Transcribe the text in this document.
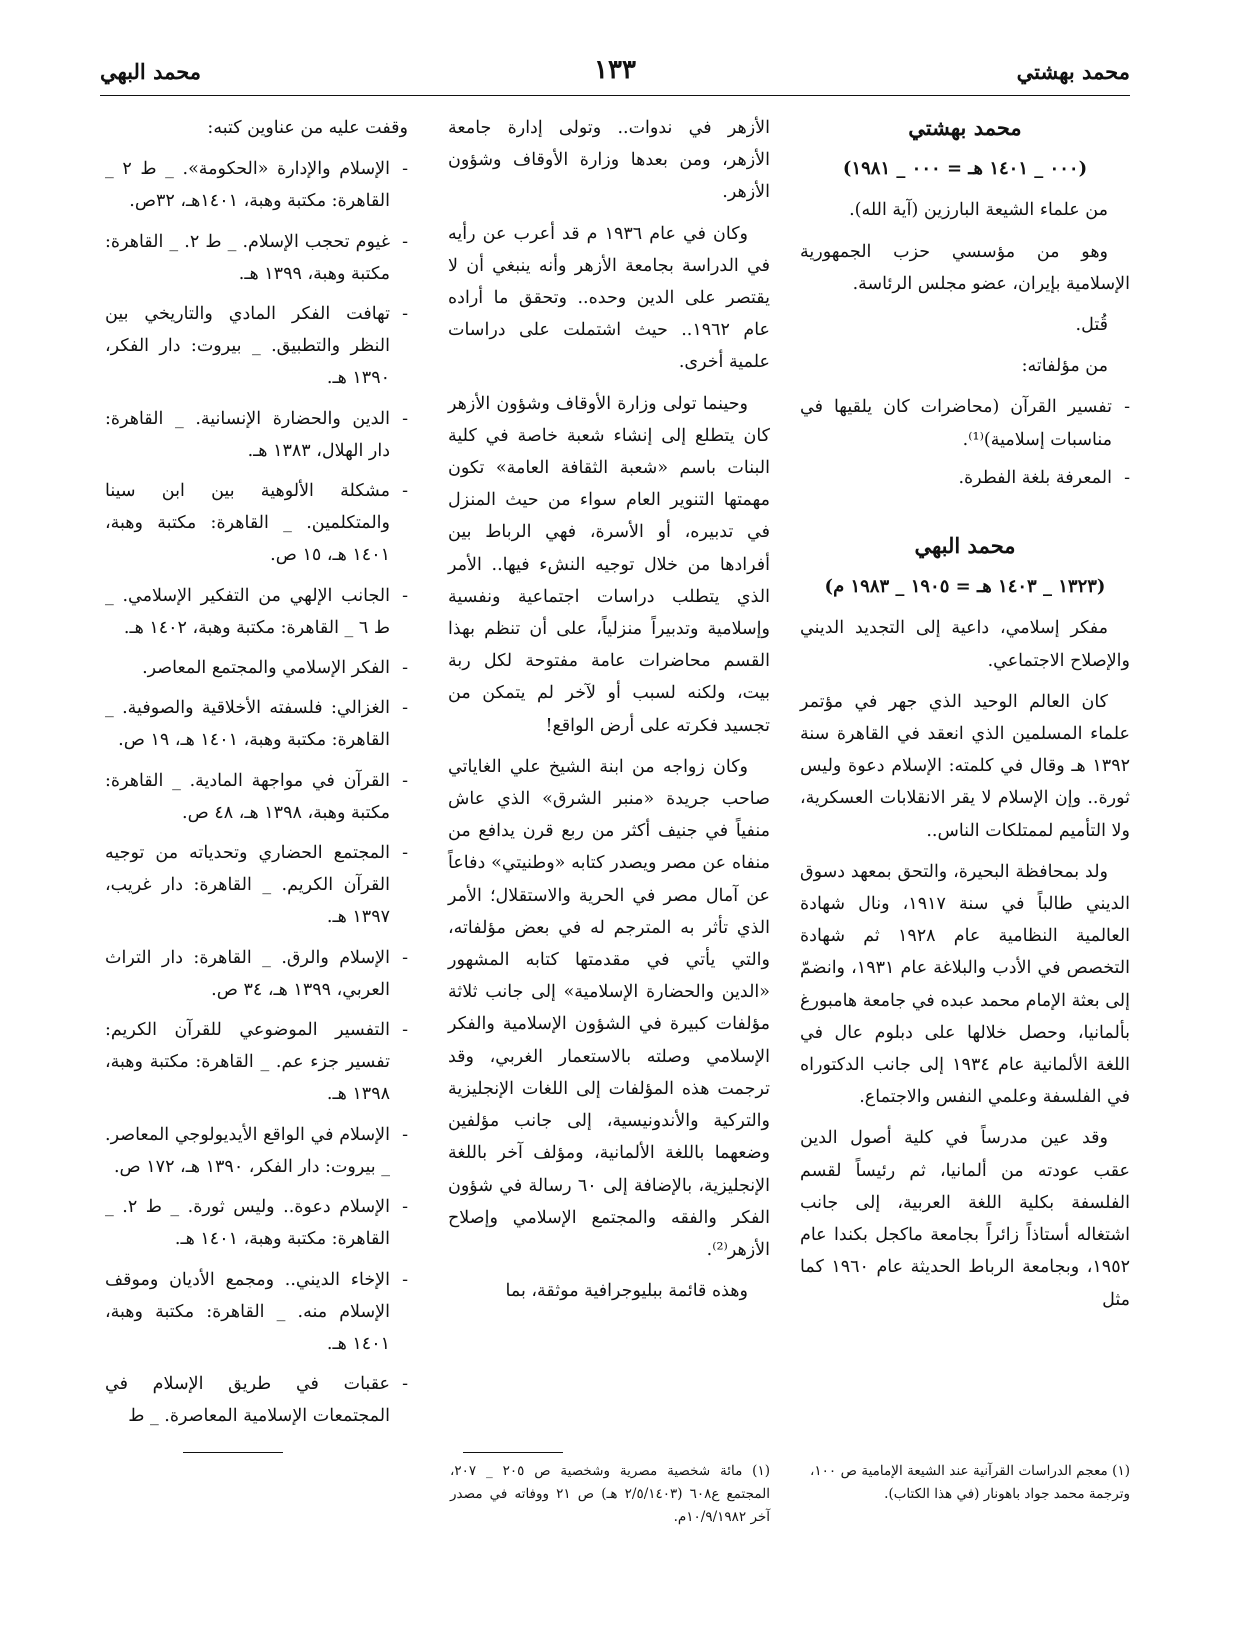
محمد بهشتي
١٣٣
محمد البهي

محمد بهشتي

(٠٠٠ _ ١٤٠١ هـ = ٠٠٠ _ ١٩٨١)

من علماء الشيعة البارزين (آية الله).

وهو من مؤسسي حزب الجمهورية الإسلامية بإيران، عضو مجلس الرئاسة.

قُتل.

من مؤلفاته:

- تفسير القرآن (محاضرات كان يلقيها في مناسبات إسلامية)⁽¹⁾.

- المعرفة بلغة الفطرة.

محمد البهي

(١٣٢٣ _ ١٤٠٣ هـ = ١٩٠٥ _ ١٩٨٣ م)

مفكر إسلامي، داعية إلى التجديد الديني والإصلاح الاجتماعي.

كان العالم الوحيد الذي جهر في مؤتمر علماء المسلمين الذي انعقد في القاهرة سنة ١٣٩٢ هـ وقال في كلمته: الإسلام دعوة وليس ثورة.. وإن الإسلام لا يقر الانقلابات العسكرية، ولا التأميم لممتلكات الناس..

ولد بمحافظة البحيرة، والتحق بمعهد دسوق الديني طالباً في سنة ١٩١٧، ونال شهادة العالمية النظامية عام ١٩٢٨ ثم شهادة التخصص في الأدب والبلاغة عام ١٩٣١، وانضمّ إلى بعثة الإمام محمد عبده في جامعة هامبورغ بألمانيا، وحصل خلالها على دبلوم عال في اللغة الألمانية عام ١٩٣٤ إلى جانب الدكتوراه في الفلسفة وعلمي النفس والاجتماع.

وقد عين مدرساً في كلية أصول الدين عقب عودته من ألمانيا، ثم رئيساً لقسم الفلسفة بكلية اللغة العربية، إلى جانب اشتغاله أستاذاً زائراً بجامعة ماكجل بكندا عام ١٩٥٢، وبجامعة الرباط الحديثة عام ١٩٦٠ كما مثل

الأزهر في ندوات.. وتولى إدارة جامعة الأزهر، ومن بعدها وزارة الأوقاف وشؤون الأزهر.

وكان في عام ١٩٣٦ م قد أعرب عن رأيه في الدراسة بجامعة الأزهر وأنه ينبغي أن لا يقتصر على الدين وحده.. وتحقق ما أراده عام ١٩٦٢.. حيث اشتملت على دراسات علمية أخرى.

وحينما تولى وزارة الأوقاف وشؤون الأزهر كان يتطلع إلى إنشاء شعبة خاصة في كلية البنات باسم «شعبة الثقافة العامة» تكون مهمتها التنوير العام سواء من حيث المنزل في تدبيره، أو الأسرة، فهي الرباط بين أفرادها من خلال توجيه النشء فيها.. الأمر الذي يتطلب دراسات اجتماعية ونفسية وإسلامية وتدبيراً منزلياً، على أن تنظم بهذا القسم محاضرات عامة مفتوحة لكل ربة بيت، ولكنه لسبب أو لآخر لم يتمكن من تجسيد فكرته على أرض الواقع!

وكان زواجه من ابنة الشيخ علي الغاياتي صاحب جريدة «منبر الشرق» الذي عاش منفياً في جنيف أكثر من ربع قرن يدافع من منفاه عن مصر ويصدر كتابه «وطنيتي» دفاعاً عن آمال مصر في الحرية والاستقلال؛ الأمر الذي تأثر به المترجم له في بعض مؤلفاته، والتي يأتي في مقدمتها كتابه المشهور «الدين والحضارة الإسلامية» إلى جانب ثلاثة مؤلفات كبيرة في الشؤون الإسلامية والفكر الإسلامي وصلته بالاستعمار الغربي، وقد ترجمت هذه المؤلفات إلى اللغات الإنجليزية والتركية والأندونيسية، إلى جانب مؤلفين وضعهما باللغة الألمانية، ومؤلف آخر باللغة الإنجليزية، بالإضافة إلى ٦٠ رسالة في شؤون الفكر والفقه والمجتمع الإسلامي وإصلاح الأزهر⁽²⁾.

وهذه قائمة ببليوجرافية موثقة، بما

وقفت عليه من عناوين كتبه:

- الإسلام والإدارة «الحكومة». _ ط ٢ _ القاهرة: مكتبة وهبة، ١٤٠١هـ، ٣٢ص.

- غيوم تحجب الإسلام. _ ط ٢. _ القاهرة: مكتبة وهبة، ١٣٩٩ هـ.

- تهافت الفكر المادي والتاريخي بين النظر والتطبيق. _ بيروت: دار الفكر، ١٣٩٠ هـ.

- الدين والحضارة الإنسانية. _ القاهرة: دار الهلال، ١٣٨٣ هـ.

- مشكلة الألوهية بين ابن سينا والمتكلمين. _ القاهرة: مكتبة وهبة، ١٤٠١ هـ، ١٥ ص.

- الجانب الإلهي من التفكير الإسلامي. _ ط ٦ _ القاهرة: مكتبة وهبة، ١٤٠٢ هـ.

- الفكر الإسلامي والمجتمع المعاصر.

- الغزالي: فلسفته الأخلاقية والصوفية. _ القاهرة: مكتبة وهبة، ١٤٠١ هـ، ١٩ ص.

- القرآن في مواجهة المادية. _ القاهرة: مكتبة وهبة، ١٣٩٨ هـ، ٤٨ ص.

- المجتمع الحضاري وتحدياته من توجيه القرآن الكريم. _ القاهرة: دار غريب، ١٣٩٧ هـ.

- الإسلام والرق. _ القاهرة: دار التراث العربي، ١٣٩٩ هـ، ٣٤ ص.

- التفسير الموضوعي للقرآن الكريم: تفسير جزء عم. _ القاهرة: مكتبة وهبة، ١٣٩٨ هـ.

- الإسلام في الواقع الأيديولوجي المعاصر. _ بيروت: دار الفكر، ١٣٩٠ هـ، ١٧٢ ص.

- الإسلام دعوة.. وليس ثورة. _ ط ٢. _ القاهرة: مكتبة وهبة، ١٤٠١ هـ.

- الإخاء الديني.. ومجمع الأديان وموقف الإسلام منه. _ القاهرة: مكتبة وهبة، ١٤٠١ هـ.

- عقبات في طريق الإسلام في المجتمعات الإسلامية المعاصرة. _ ط

(١) معجم الدراسات القرآنية عند الشيعة الإمامية ص ١٠٠، وترجمة محمد جواد باهونار (في هذا الكتاب).
(١) مائة شخصية مصرية وشخصية ص ٢٠٥ _ ٢٠٧، المجتمع ع٦٠٨ (٢/٥/١٤٠٣ هـ) ص ٢١ ووفاته في مصدر آخر ١٠/٩/١٩٨٢م.
